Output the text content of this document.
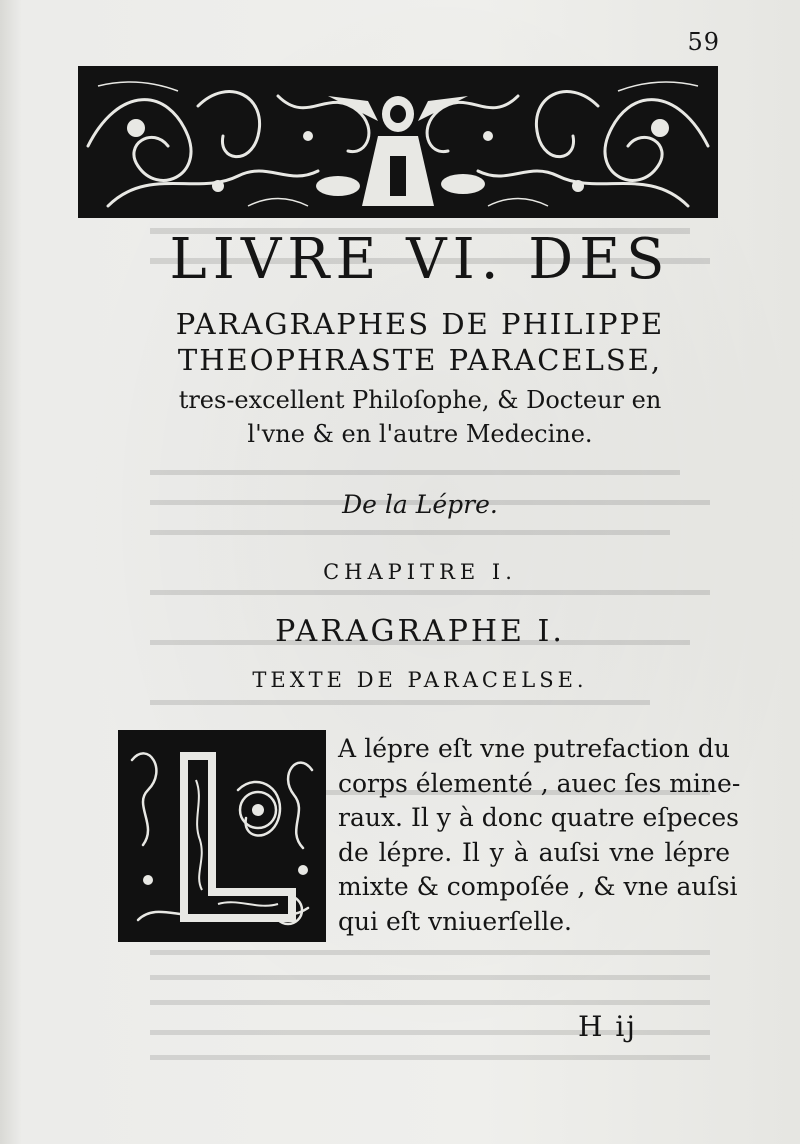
59
LIVRE VI. DES
PARAGRAPHES DE PHILIPPE
THEOPHRASTE PARACELSE,
tres-excellent Philoſophe, & Docteur en
l'vne & en l'autre Medecine.
De la Lépre.
CHAPITRE I.
PARAGRAPHE I.
TEXTE DE PARACELSE.
A lépre eſt vne putrefaction du
corps élementé , auec ſes mine-
raux. Il y à donc quatre eſpeces
de lépre. Il y à auſsi vne lépre
mixte & compoſée , & vne auſsi
qui eſt vniuerſelle.
H ij
